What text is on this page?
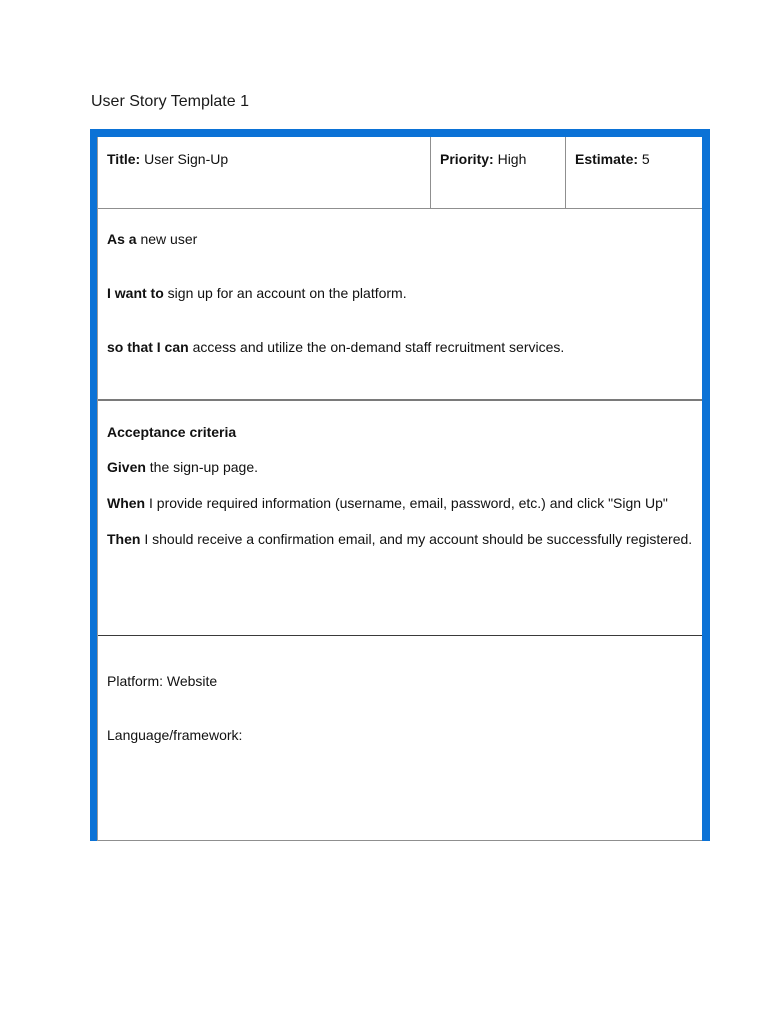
User Story Template 1
Title: User Sign-Up	Priority: High	Estimate: 5

As a new user

I want to sign up for an account on the platform.

so that I can access and utilize the on-demand staff recruitment services.

Acceptance criteria

Given the sign-up page.

When I provide required information (username, email, password, etc.) and click "Sign Up"

Then I should receive a confirmation email, and my account should be successfully registered.

Platform: Website

Language/framework:
